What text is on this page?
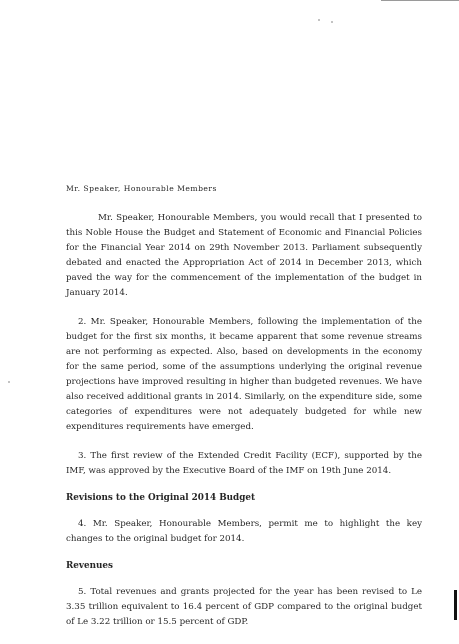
Mr. Speaker, Honourable Members

Mr. Speaker, Honourable Members, you would recall that I presented to this Noble House the Budget and Statement of Economic and Financial Policies for the Financial Year 2014 on 29th November 2013. Parliament subsequently debated and enacted the Appropriation Act of 2014 in December 2013, which paved the way for the commencement of the implementation of the budget in January 2014.

2. Mr. Speaker, Honourable Members, following the implementation of the budget for the first six months, it became apparent that some revenue streams are not performing as expected. Also, based on developments in the economy for the same period, some of the assumptions underlying the original revenue projections have improved resulting in higher than budgeted revenues. We have also received additional grants in 2014. Similarly, on the expenditure side, some categories of expenditures were not adequately budgeted for while new expenditures requirements have emerged.

3. The first review of the Extended Credit Facility (ECF), supported by the IMF, was approved by the Executive Board of the IMF on 19th June 2014.

Revisions to the Original 2014 Budget

4. Mr. Speaker, Honourable Members, permit me to highlight the key changes to the original budget for 2014.

Revenues

5. Total revenues and grants projected for the year has been revised to Le 3.35 trillion equivalent to 16.4 percent of GDP compared to the original budget of Le 3.22 trillion or 15.5 percent of GDP.
